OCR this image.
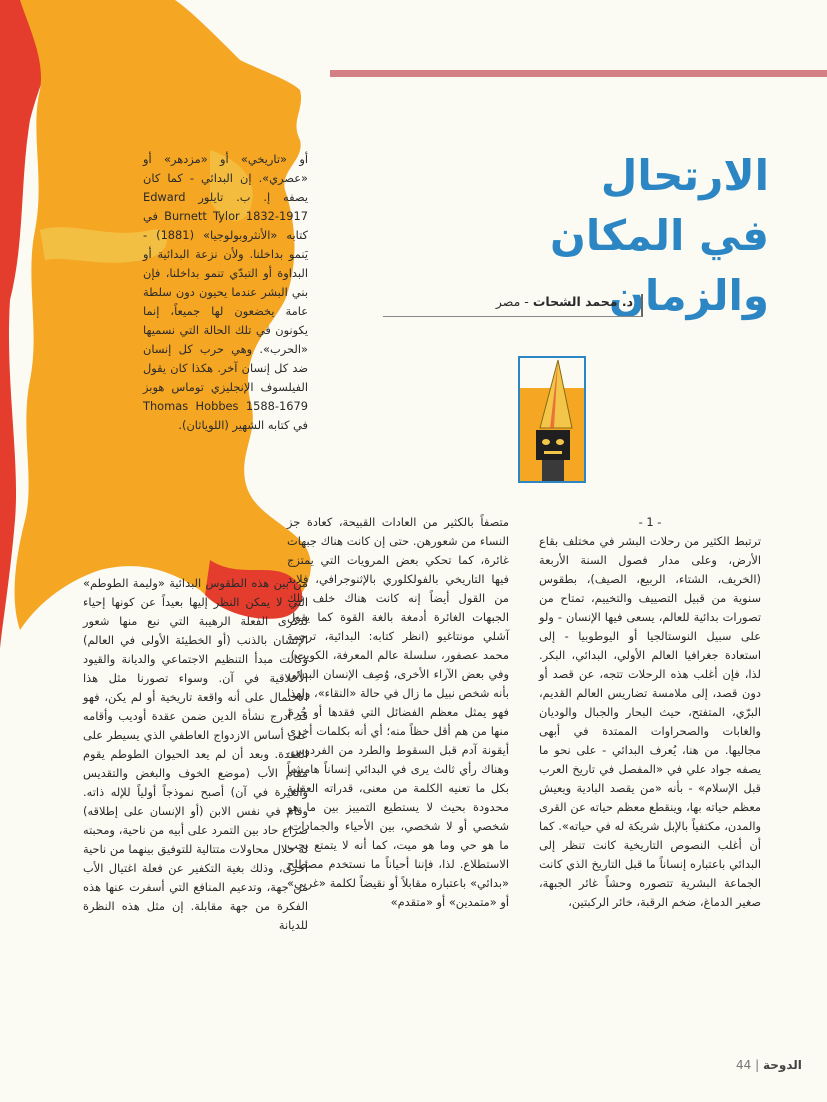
الارتحال
في المكان والزمان
د. محمد الشحات - مصر
- 1 -

ترتبط الكثير من رحلات البشر في مختلف بقاع الأرض، وعلى مدار فصول السنة الأربعة (الخريف، الشتاء، الربيع، الصيف)، بطقوس سنوية من قبيل التصييف والتخييم، تمتاح من تصورات بدائية للعالم، يسعى فيها الإنسان - ولو على سبيل النوستالجيا أو اليوطوبيا - إلى استعادة جغرافيا العالم الأولي، البدائي، البكر. لذا، فإن أغلب هذه الرحلات تتجه، عن قصد أو دون قصد، إلى ملامسة تضاريس العالم القديم، البرّي، المتفتح، حيث البحار والجبال والوديان والغابات والصحراوات الممتدة في أبهى مجاليها. من هنا، يُعرف البدائي - على نحو ما يصفه جواد علي في «المفصل في تاريخ العرب قبل الإسلام» - بأنه «من يقصد البادية ويعيش معظم حياته بها، وينقطع معظم حياته عن القرى والمدن، مكتفياً بالإبل شريكة له في حياته». كما أن أغلب النصوص التاريخية كانت تنظر إلى البدائي باعتباره إنساناً ما قبل التاريخ الذي كانت الجماعة البشرية تتصوره وحشاً غائر الجبهة، صغير الدماغ، ضخم الرقبة، خائر الركبتين،

متصفاً بالكثير من العادات القبيحة، كعادة جز النساء من شعورهن. حتى إن كانت هناك جبهات غائرة، كما تحكي بعض المرويات التي يمتزج فيها التاريخي بالفولكلوري بالإثنوجرافي، فلابد من القول أيضاً إنه كانت هناك خلف تلك الجبهات الغائرة أدمغة بالغة القوة كما يقول آشلي مونتاغيو (انظر كتابه: البدائية، ترجمة محمد عصفور، سلسلة عالم المعرفة، الكويت). وفي بعض الآراء الأخرى، وُصِف الإنسان البدائي بأنه شخص نبيل ما زال في حالة «النقاء»، ولهذا فهو يمثل معظم الفضائل التي فقدها أو حُرِمَ منها من هم أقل حظاً منه؛ أي أنه بكلمات أخرى أيقونة آدم قبل السقوط والطرد من الفردوس. وهناك رأي ثالث يرى في البدائي إنساناً هامشياً بكل ما تعنيه الكلمة من معنى، قدراته العقلية محدودة بحيث لا يستطيع التمييز بين ما هو شخصي أو لا شخصي، بين الأحياء والجمادات، ما هو حي وما هو ميت، كما أنه لا يتمتع بحب الاستطلاع. لذا، فإننا أحياناً ما نستخدم مصطلح «بدائي» باعتباره مقابلاً أو نقيضاً لكلمة «غربي» أو «متمدين» أو «متقدم»

أو «تاريخي» أو «مزدهر» أو «عصري». إن البدائي - كما كان يصفه إ. ب. تايلور Edward Burnett Tylor 1832-1917 في كتابه «الأنثروبولوجيا» (1881) - يَنمو بداخلنا. ولأن نزعة البدائية أو البداوة أو التبدّي تنمو بداخلنا، فإن بني البشر عندما يحيون دون سلطة عامة يخضعون لها جميعاً، إنما يكونون في تلك الحالة التي نسميها «الحرب». وهي حرب كل إنسان ضد كل إنسان آخر. هكذا كان يقول الفيلسوف الإنجليزي توماس هوبز Thomas Hobbes 1588-1679 في كتابه الشهير (اللوياثان).

من بين هذه الطقوس البدائية «وليمة الطوطم» التي لا يمكن النظر إليها بعيداً عن كونها إحياء لذكرى الفعلة الرهيبة التي نبع منها شعور الإنسان بالذنب (أو الخطيئة الأولى في العالم) وكانت مبدأ التنظيم الاجتماعي والديانة والقيود الأخلاقية في آن. وسواء تصورنا مثل هذا الاحتمال على أنه واقعة تاريخية أو لم يكن، فهو قد أدرج نشأة الدين ضمن عقدة أوديب وأقامه على أساس الازدواج العاطفي الذي يسيطر على العقدة. وبعد أن لم يعد الحيوان الطوطم يقوم مقام الأب (موضع الخوف والبغض والتقديس والغيرة في آن) أصبح نموذجاً أولياً للإله ذاته. وقام في نفس الابن (أو الإنسان على إطلاقه) صراع حاد بين التمرد على أبيه من ناحية، ومحبته له خلال محاولات متتالية للتوفيق بينهما من ناحية أخرى، وذلك بغية التكفير عن فعلة اغتيال الأب من جهة، وتدعيم المنافع التي أسفرت عنها هذه الفكرة من جهة مقابلة. إن مثل هذه النظرة للديانة

الدوحة | 44
